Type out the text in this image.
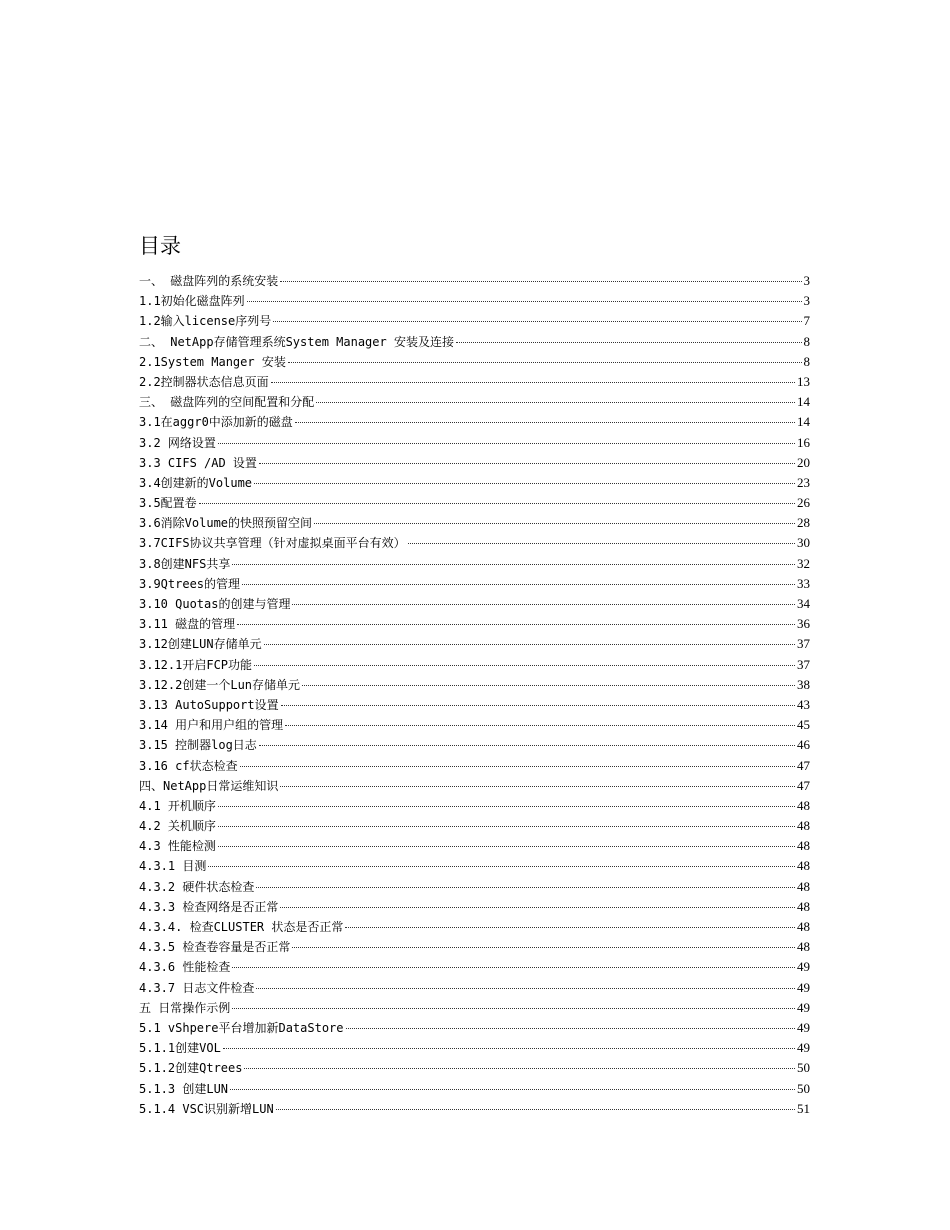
目录
一、 磁盘阵列的系统安装	3
1.1初始化磁盘阵列	3
1.2输入license序列号	7
二、 NetApp存储管理系统System Manager 安装及连接	8
2.1System Manger 安装	8
2.2控制器状态信息页面	13
三、 磁盘阵列的空间配置和分配	14
3.1在aggr0中添加新的磁盘	14
3.2 网络设置	16
3.3 CIFS /AD 设置	20
3.4创建新的Volume	23
3.5配置卷	26
3.6消除Volume的快照预留空间	28
3.7CIFS协议共享管理（针对虚拟桌面平台有效）	30
3.8创建NFS共享	32
3.9Qtrees的管理	33
3.10 Quotas的创建与管理	34
3.11 磁盘的管理	36
3.12创建LUN存储单元	37
3.12.1开启FCP功能	37
3.12.2创建一个Lun存储单元	38
3.13 AutoSupport设置	43
3.14 用户和用户组的管理	45
3.15 控制器log日志	46
3.16 cf状态检查	47
四、NetApp日常运维知识	47
4.1 开机顺序	48
4.2 关机顺序	48
4.3 性能检测	48
4.3.1 目测	48
4.3.2 硬件状态检查	48
4.3.3 检查网络是否正常	48
4.3.4. 检查CLUSTER 状态是否正常	48
4.3.5 检查卷容量是否正常	48
4.3.6 性能检查	49
4.3.7 日志文件检查	49
五 日常操作示例	49
5.1 vShpere平台增加新DataStore	49
5.1.1创建VOL	49
5.1.2创建Qtrees	50
5.1.3 创建LUN	50
5.1.4 VSC识别新增LUN	51
